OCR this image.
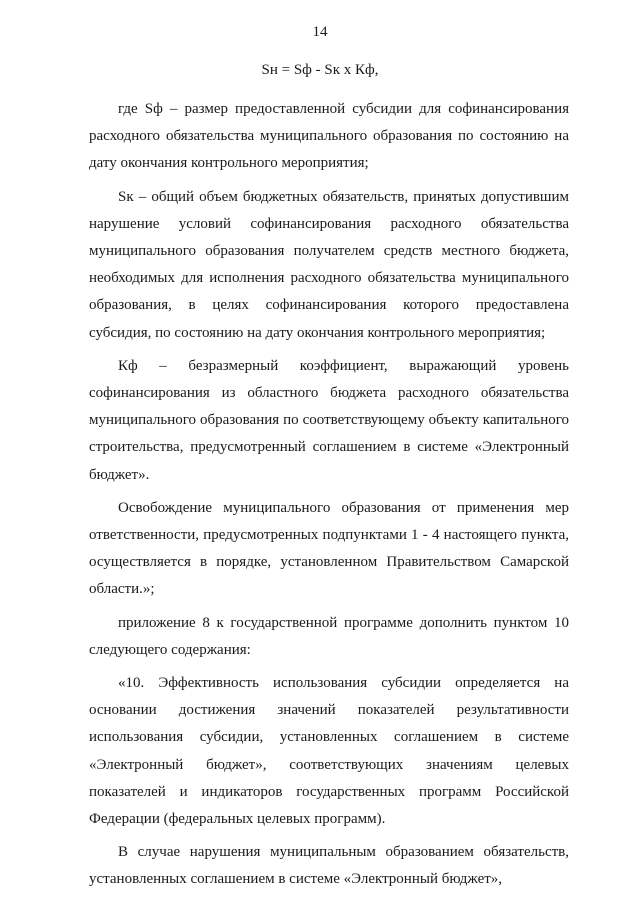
14
Sн = Sф - Sк х Кф,

где Sф – размер предоставленной субсидии для софинансирования расходного обязательства муниципального образования по состоянию на дату окончания контрольного мероприятия;

Sк – общий объем бюджетных обязательств, принятых допустившим нарушение условий софинансирования расходного обязательства муниципального образования получателем средств местного бюджета, необходимых для исполнения расходного обязательства муниципального образования, в целях софинансирования которого предоставлена субсидия, по состоянию на дату окончания контрольного мероприятия;

Кф – безразмерный коэффициент, выражающий уровень софинансирования из областного бюджета расходного обязательства муниципального образования по соответствующему объекту капитального строительства, предусмотренный соглашением в системе «Электронный бюджет».

Освобождение муниципального образования от применения мер ответственности, предусмотренных подпунктами 1 - 4 настоящего пункта, осуществляется в порядке, установленном Правительством Самарской области.»;

приложение 8 к государственной программе дополнить пунктом 10 следующего содержания:

«10. Эффективность использования субсидии определяется на основании достижения значений показателей результативности использования субсидии, установленных соглашением в системе «Электронный бюджет», соответствующих значениям целевых показателей и индикаторов государственных программ Российской Федерации (федеральных целевых программ).

В случае нарушения муниципальным образованием обязательств, установленных соглашением в системе «Электронный бюджет»,
